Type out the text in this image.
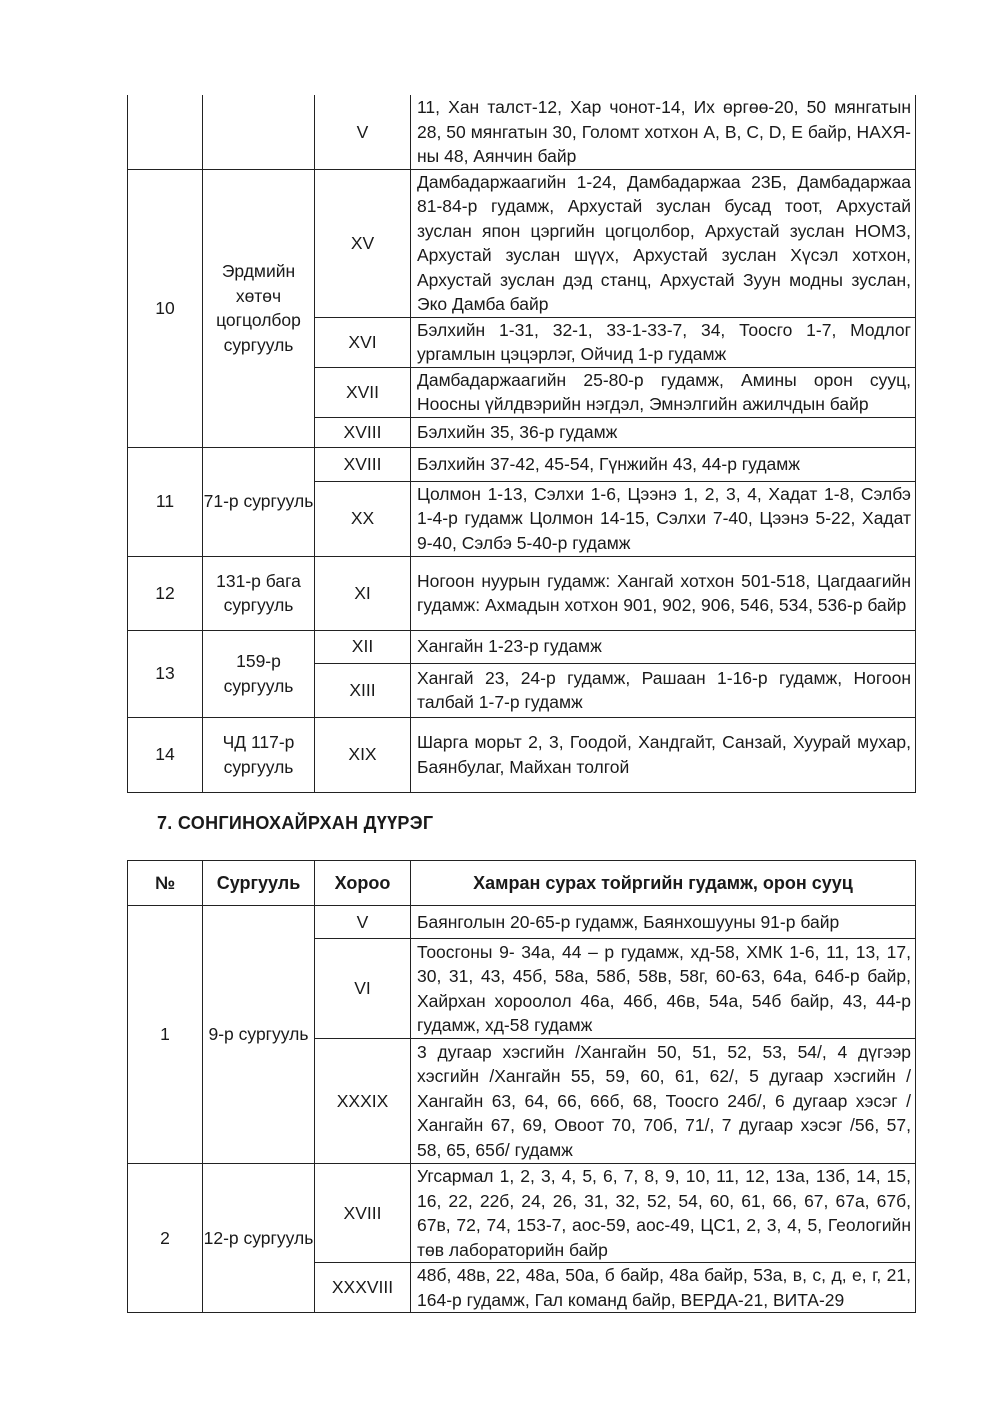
		V	11, Хан талст-12, Хар чонот-14, Их өргөө-20, 50 мянгатын 28, 50 мянгатын 30, Голомт хотхон A, B, C, D, E байр, НАХЯ-ны 48, Аянчин байр
10	Эрдмийн хөтөч цогцолбор сургууль	XV	Дамбадаржаагийн 1-24, Дамбадаржаа 23Б, Дамбадаржаа 81-84-р гудамж, Архустай зуслан бусад тоот, Архустай зуслан япон цэргийн цогцолбор, Архустай зуслан НОМЗ, Архустай зуслан шүүх, Архустай зуслан Хүсэл хотхон, Архустай зуслан дэд станц, Архустай Зуун модны зуслан, Эко Дамба байр
		XVI	Бэлхийн 1-31, 32-1, 33-1-33-7, 34, Тоосго 1-7, Модлог ургамлын цэцэрлэг, Ойчид 1-р гудамж
		XVII	Дамбадаржаагийн 25-80-р гудамж, Амины орон сууц, Ноосны үйлдвэрийн нэгдэл, Эмнэлгийн ажилчдын байр
		XVIII	Бэлхийн 35, 36-р гудамж
11	71-р сургууль	XVIII	Бэлхийн 37-42, 45-54, Гүнжийн 43, 44-р гудамж
		XX	Цолмон 1-13, Сэлхи 1-6, Цээнэ 1, 2, 3, 4, Хадат 1-8, Сэлбэ 1-4-р гудамж Цолмон 14-15, Сэлхи 7-40, Цээнэ 5-22, Хадат 9-40, Сэлбэ 5-40-р гудамж
12	131-р бага сургууль	XI	Ногоон нуурын гудамж: Хангай хотхон 501-518, Цагдаагийн гудамж: Ахмадын хотхон 901, 902, 906, 546, 534, 536-р байр
13	159-р сургууль	XII	Хангайн 1-23-р гудамж
		XIII	Хангай 23, 24-р гудамж, Рашаан 1-16-р гудамж, Ногоон талбай 1-7-р гудамж
14	ЧД 117-р сургууль	XIX	Шарга морьт 2, 3, Гоодой, Хандгайт, Санзай, Хуурай мухар, Баянбулаг, Майхан толгой
7. СОНГИНОХАЙРХАН ДҮҮРЭГ
№	Сургууль	Хороо	Хамран сурах тойргийн гудамж, орон сууц
1	9-р сургууль	V	Баянголын 20-65-р гудамж, Баянхошууны 91-р байр
		VI	Тоосгоны 9- 34а, 44 – р гудамж, хд-58, ХМК 1-6, 11, 13, 17, 30, 31, 43, 45б, 58а, 58б, 58в, 58г, 60-63, 64а, 64б-р байр, Хайрхан хороолол 46а, 46б, 46в, 54а, 54б байр, 43, 44-р гудамж, хд-58 гудамж
		XXXIX	3 дугаар хэсгийн /Хангайн 50, 51, 52, 53, 54/, 4 дүгээр хэсгийн /Хангайн 55, 59, 60, 61, 62/, 5 дугаар хэсгийн /Хангайн 63, 64, 66, 66б, 68, Тоосго 24б/, 6 дугаар хэсэг /Хангайн 67, 69, Овоот 70, 70б, 71/, 7 дугаар хэсэг /56, 57, 58, 65, 65б/ гудамж
2	12-р сургууль	XVIII	Угсармал 1, 2, 3, 4, 5, 6, 7, 8, 9, 10, 11, 12, 13а, 13б, 14, 15, 16, 22, 22б, 24, 26, 31, 32, 52, 54, 60, 61, 66, 67, 67а, 67б, 67в, 72, 74, 153-7, аос-59, аос-49, ЦС1, 2, 3, 4, 5, Геологийн төв лабораторийн байр
		XXXVIII	48б, 48в, 22, 48а, 50а, б байр, 48а байр, 53а, в, с, д, е, г, 21, 164-р гудамж, Гал команд байр, ВЕРДА-21, ВИТА-29
